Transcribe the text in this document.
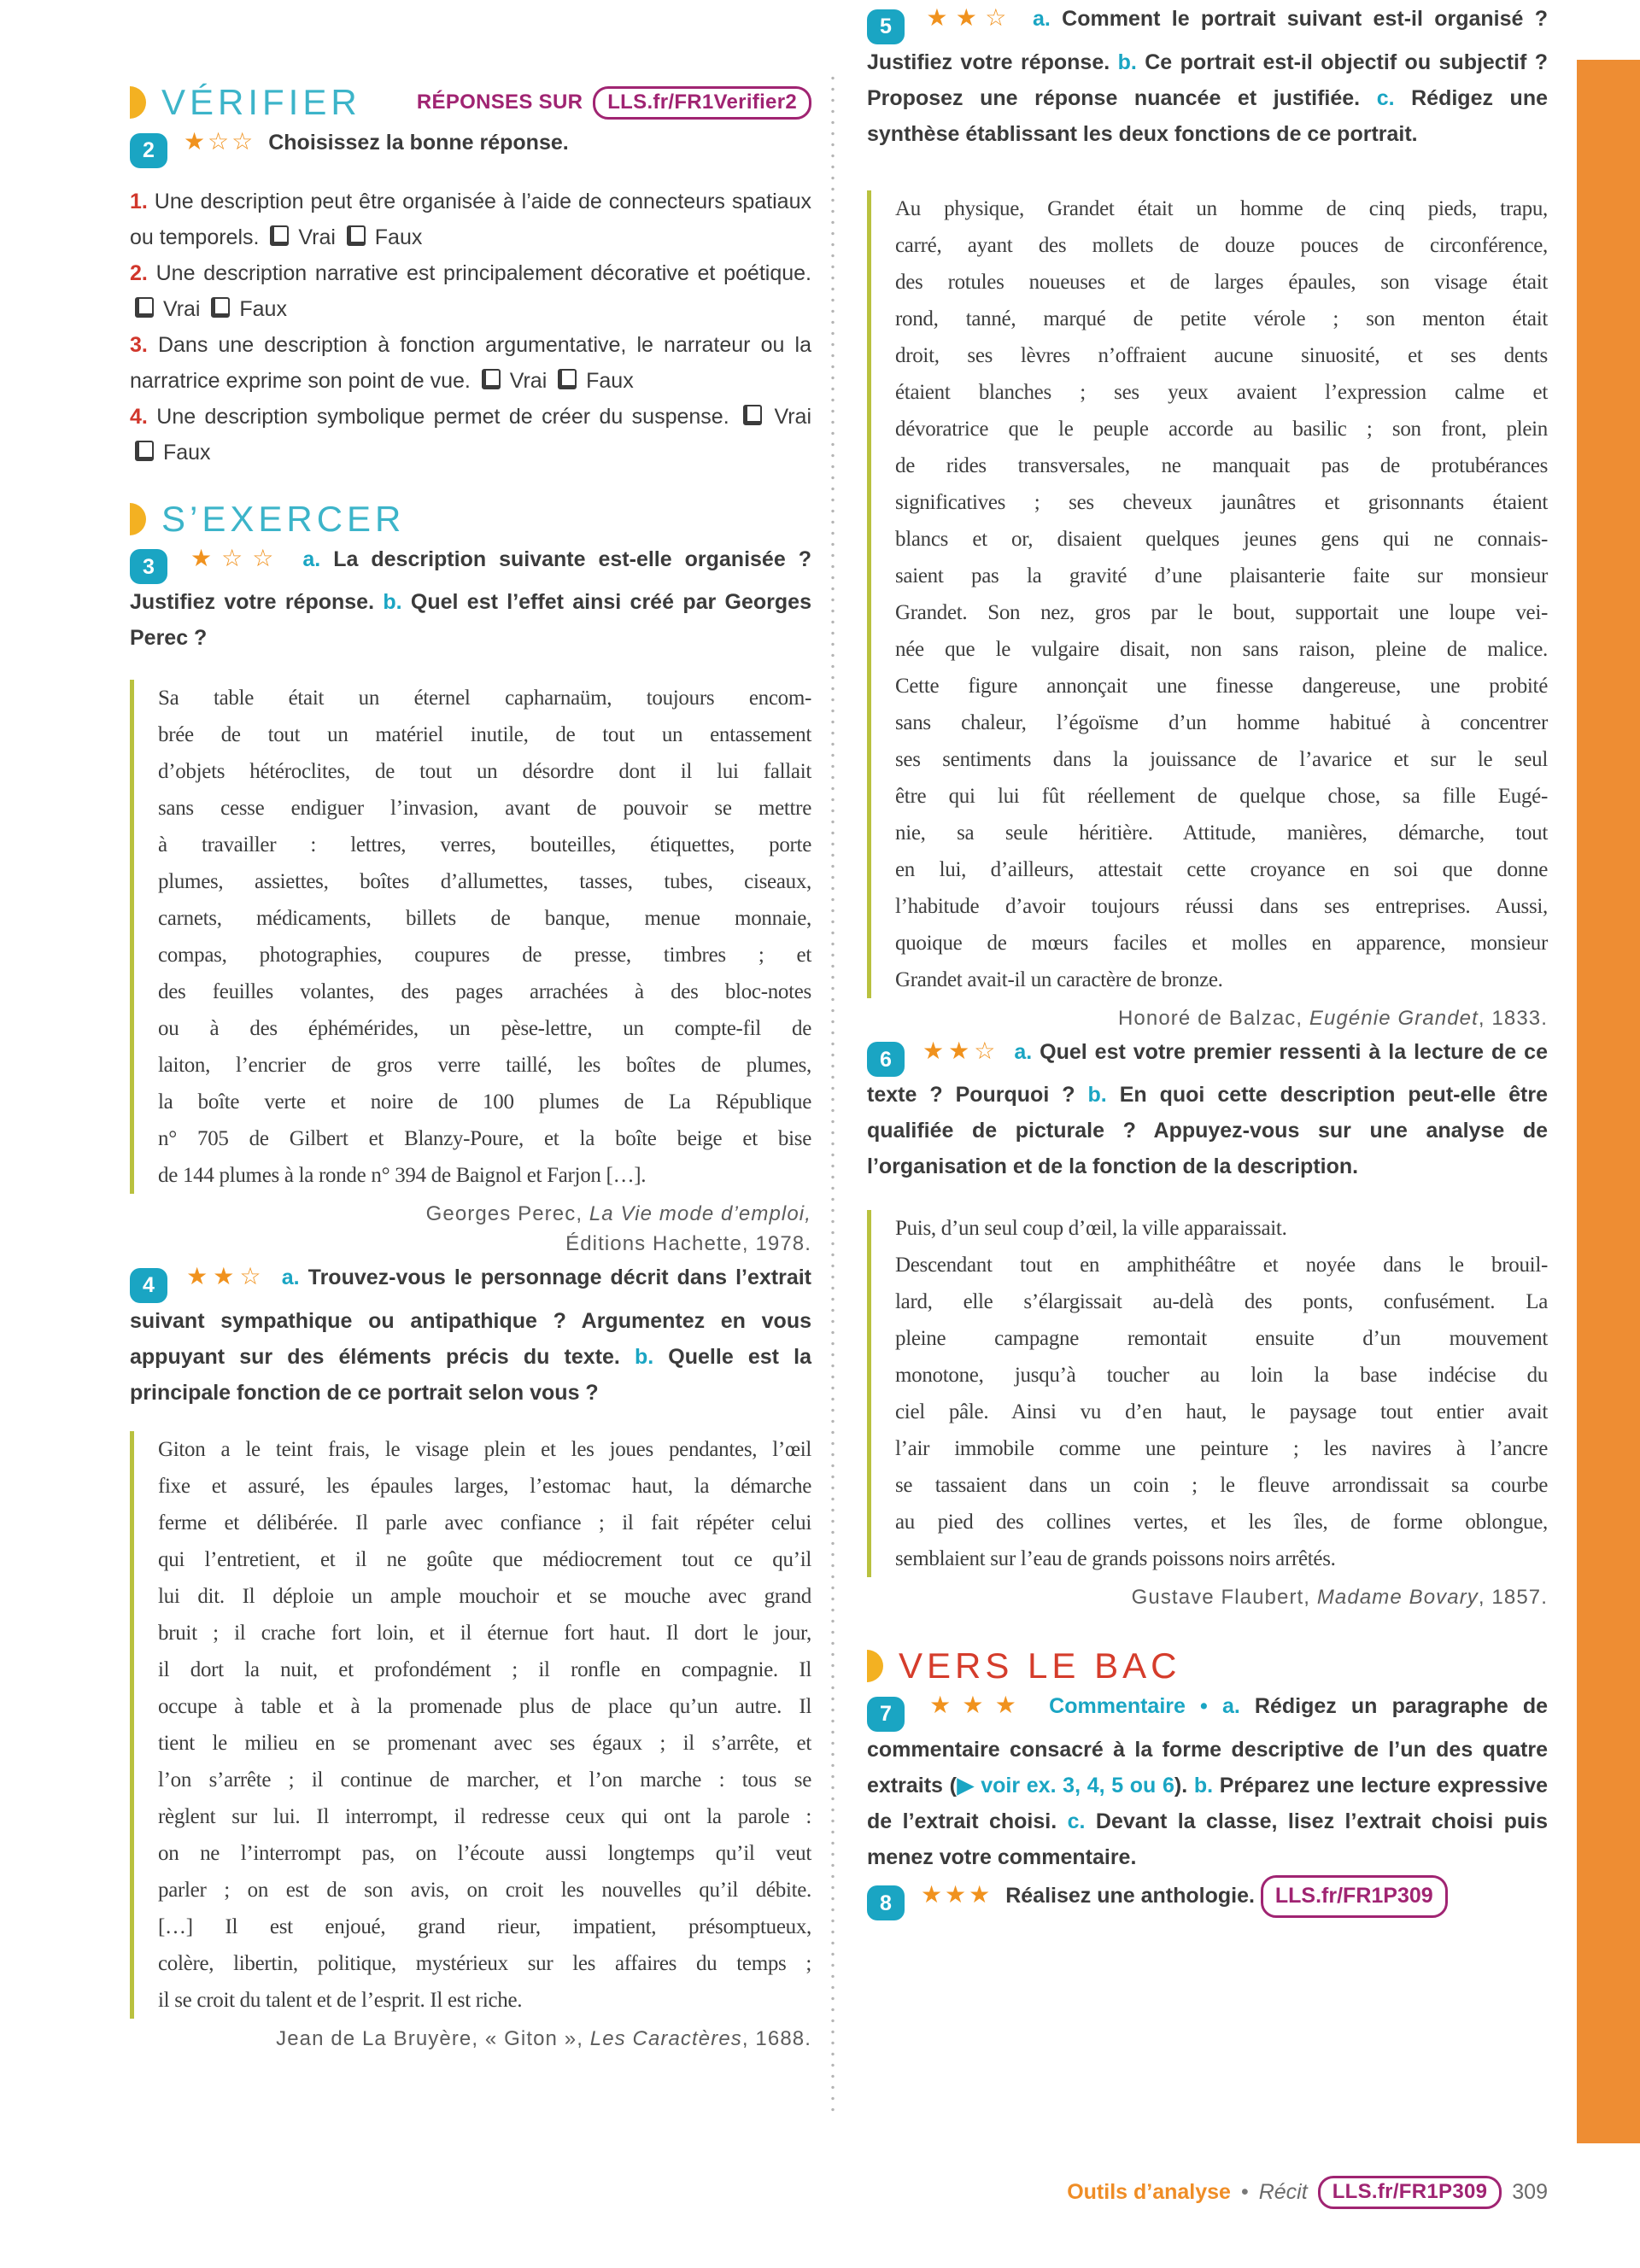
VÉRIFIER	RÉPONSES SUR	LLS.fr/FR1Verifier2

2 ★☆☆ Choisissez la bonne réponse.

1. Une description peut être organisée à l’aide de connecteurs spatiaux ou temporels.  Vrai  Faux

2. Une description narrative est principalement décorative et poétique.  Vrai  Faux

3. Dans une description à fonction argumentative, le narrateur ou la narratrice exprime son point de vue.  Vrai  Faux

4. Une description symbolique permet de créer du suspense.  Vrai  Faux

S’EXERCER

3 ★☆☆ a. La description suivante est-elle organisée ? Justifiez votre réponse. b. Quel est l’effet ainsi créé par Georges Perec ?

Sa table était un éternel capharnaüm, toujours encom-
brée de tout un matériel inutile, de tout un entassement
d’objets hétéroclites, de tout un désordre dont il lui fallait
sans cesse endiguer l’invasion, avant de pouvoir se mettre
à travailler : lettres, verres, bouteilles, étiquettes, porte
plumes, assiettes, boîtes d’allumettes, tasses, tubes, ciseaux,
carnets, médicaments, billets de banque, menue monnaie,
compas, photographies, coupures de presse, timbres ; et
des feuilles volantes, des pages arrachées à des bloc-notes
ou à des éphémérides, un pèse-lettre, un compte-fil de
laiton, l’encrier de gros verre taillé, les boîtes de plumes,
la boîte verte et noire de 100 plumes de La République
n° 705 de Gilbert et Blanzy-Poure, et la boîte beige et bise
de 144 plumes à la ronde n° 394 de Baignol et Farjon […].
Georges Perec, La Vie mode d’emploi,
Éditions Hachette, 1978.

4 ★★☆ a. Trouvez-vous le personnage décrit dans l’extrait suivant sympathique ou antipathique ? Argumentez en vous appuyant sur des éléments précis du texte. b. Quelle est la principale fonction de ce portrait selon vous ?

Giton a le teint frais, le visage plein et les joues pendantes, l’œil
fixe et assuré, les épaules larges, l’estomac haut, la démarche
ferme et délibérée. Il parle avec confiance ; il fait répéter celui
qui l’entretient, et il ne goûte que médiocrement tout ce qu’il
lui dit. Il déploie un ample mouchoir et se mouche avec grand
bruit ; il crache fort loin, et il éternue fort haut. Il dort le jour,
il dort la nuit, et profondément ; il ronfle en compagnie. Il
occupe à table et à la promenade plus de place qu’un autre. Il
tient le milieu en se promenant avec ses égaux ; il s’arrête, et
l’on s’arrête ; il continue de marcher, et l’on marche : tous se
règlent sur lui. Il interrompt, il redresse ceux qui ont la parole :
on ne l’interrompt pas, on l’écoute aussi longtemps qu’il veut
parler ; on est de son avis, on croit les nouvelles qu’il débite.
[…] Il est enjoué, grand rieur, impatient, présomptueux,
colère, libertin, politique, mystérieux sur les affaires du temps ;
il se croit du talent et de l’esprit. Il est riche.
Jean de La Bruyère, « Giton », Les Caractères, 1688.

5 ★★☆ a. Comment le portrait suivant est-il organisé ? Justifiez votre réponse. b. Ce portrait est-il objectif ou subjectif ? Proposez une réponse nuancée et justifiée. c. Rédigez une synthèse établissant les deux fonctions de ce portrait.

Au physique, Grandet était un homme de cinq pieds, trapu,
carré, ayant des mollets de douze pouces de circonférence,
des rotules noueuses et de larges épaules, son visage était
rond, tanné, marqué de petite vérole ; son menton était
droit, ses lèvres n’offraient aucune sinuosité, et ses dents
étaient blanches ; ses yeux avaient l’expression calme et
dévoratrice que le peuple accorde au basilic ; son front, plein
de rides transversales, ne manquait pas de protubérances
significatives ; ses cheveux jaunâtres et grisonnants étaient
blancs et or, disaient quelques jeunes gens qui ne connais-
saient pas la gravité d’une plaisanterie faite sur monsieur
Grandet. Son nez, gros par le bout, supportait une loupe vei-
née que le vulgaire disait, non sans raison, pleine de malice.
Cette figure annonçait une finesse dangereuse, une probité
sans chaleur, l’égoïsme d’un homme habitué à concentrer
ses sentiments dans la jouissance de l’avarice et sur le seul
être qui lui fût réellement de quelque chose, sa fille Eugé-
nie, sa seule héritière. Attitude, manières, démarche, tout
en lui, d’ailleurs, attestait cette croyance en soi que donne
l’habitude d’avoir toujours réussi dans ses entreprises. Aussi,
quoique de mœurs faciles et molles en apparence, monsieur
Grandet avait-il un caractère de bronze.
Honoré de Balzac, Eugénie Grandet, 1833.

6 ★★☆ a. Quel est votre premier ressenti à la lecture de ce texte ? Pourquoi ? b. En quoi cette description peut-elle être qualifiée de picturale ? Appuyez-vous sur une analyse de l’organisation et de la fonction de la description.

Puis, d’un seul coup d’œil, la ville apparaissait.
Descendant tout en amphithéâtre et noyée dans le brouil-
lard, elle s’élargissait au-delà des ponts, confusément. La
pleine campagne remontait ensuite d’un mouvement
monotone, jusqu’à toucher au loin la base indécise du
ciel pâle. Ainsi vu d’en haut, le paysage tout entier avait
l’air immobile comme une peinture ; les navires à l’ancre
se tassaient dans un coin ; le fleuve arrondissait sa courbe
au pied des collines vertes, et les îles, de forme oblongue,
semblaient sur l’eau de grands poissons noirs arrêtés.
Gustave Flaubert, Madame Bovary, 1857.
VERS LE BAC

7 ★★★ Commentaire • a. Rédigez un paragraphe de commentaire consacré à la forme descriptive de l’un des quatre extraits (▶ voir ex. 3, 4, 5 ou 6). b. Préparez une lecture expressive de l’extrait choisi. c. Devant la classe, lisez l’extrait choisi puis menez votre commentaire.

8 ★★★ Réalisez une anthologie. LLS.fr/FR1P309

Outils d’analyse • Récit	LLS.fr/FR1P309	309
